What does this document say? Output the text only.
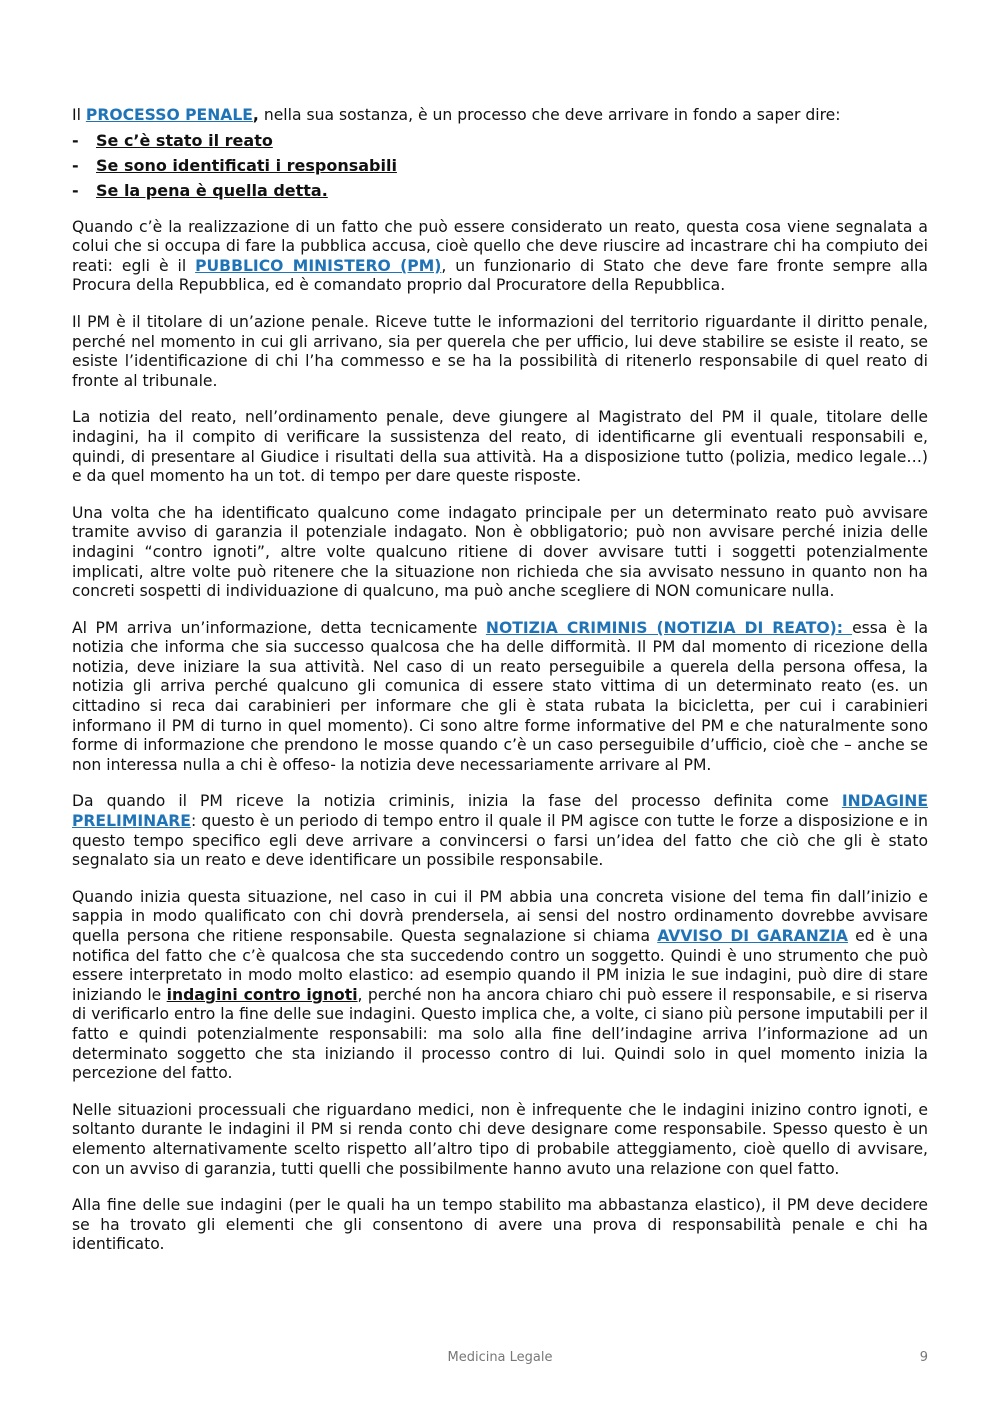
Il PROCESSO PENALE, nella sua sostanza, è un processo che deve arrivare in fondo a saper dire:

- Se c’è stato il reato
- Se sono identificati i responsabili
- Se la pena è quella detta.

Quando c’è la realizzazione di un fatto che può essere considerato un reato, questa cosa viene segnalata a colui che si occupa di fare la pubblica accusa, cioè quello che deve riuscire ad incastrare chi ha compiuto dei reati: egli è il PUBBLICO MINISTERO (PM), un funzionario di Stato che deve fare fronte sempre alla Procura della Repubblica, ed è comandato proprio dal Procuratore della Repubblica.

Il PM è il titolare di un’azione penale. Riceve tutte le informazioni del territorio riguardante il diritto penale, perché nel momento in cui gli arrivano, sia per querela che per ufficio, lui deve stabilire se esiste il reato, se esiste l’identificazione di chi l’ha commesso e se ha la possibilità di ritenerlo responsabile di quel reato di fronte al tribunale.

La notizia del reato, nell’ordinamento penale, deve giungere al Magistrato del PM il quale, titolare delle indagini, ha il compito di verificare la sussistenza del reato, di identificarne gli eventuali responsabili e, quindi, di presentare al Giudice i risultati della sua attività. Ha a disposizione tutto (polizia, medico legale…) e da quel momento ha un tot. di tempo per dare queste risposte.

Una volta che ha identificato qualcuno come indagato principale per un determinato reato può avvisare tramite avviso di garanzia il potenziale indagato. Non è obbligatorio; può non avvisare perché inizia delle indagini “contro ignoti”, altre volte qualcuno ritiene di dover avvisare tutti i soggetti potenzialmente implicati, altre volte può ritenere che la situazione non richieda che sia avvisato nessuno in quanto non ha concreti sospetti di individuazione di qualcuno, ma può anche scegliere di NON comunicare nulla.

Al PM arriva un’informazione, detta tecnicamente NOTIZIA CRIMINIS (NOTIZIA DI REATO): essa è la notizia che informa che sia successo qualcosa che ha delle difformità. Il PM dal momento di ricezione della notizia, deve iniziare la sua attività. Nel caso di un reato perseguibile a querela della persona offesa, la notizia gli arriva perché qualcuno gli comunica di essere stato vittima di un determinato reato (es. un cittadino si reca dai carabinieri per informare che gli è stata rubata la bicicletta, per cui i carabinieri informano il PM di turno in quel momento). Ci sono altre forme informative del PM e che naturalmente sono forme di informazione che prendono le mosse quando c’è un caso perseguibile d’ufficio, cioè che – anche se non interessa nulla a chi è offeso- la notizia deve necessariamente arrivare al PM.

Da quando il PM riceve la notizia criminis, inizia la fase del processo definita come INDAGINE PRELIMINARE: questo è un periodo di tempo entro il quale il PM agisce con tutte le forze a disposizione e in questo tempo specifico egli deve arrivare a convincersi o farsi un’idea del fatto che ciò che gli è stato segnalato sia un reato e deve identificare un possibile responsabile.

Quando inizia questa situazione, nel caso in cui il PM abbia una concreta visione del tema fin dall’inizio e sappia in modo qualificato con chi dovrà prendersela, ai sensi del nostro ordinamento dovrebbe avvisare quella persona che ritiene responsabile. Questa segnalazione si chiama AVVISO DI GARANZIA ed è una notifica del fatto che c’è qualcosa che sta succedendo contro un soggetto. Quindi è uno strumento che può essere interpretato in modo molto elastico: ad esempio quando il PM inizia le sue indagini, può dire di stare iniziando le indagini contro ignoti, perché non ha ancora chiaro chi può essere il responsabile, e si riserva di verificarlo entro la fine delle sue indagini. Questo implica che, a volte, ci siano più persone imputabili per il fatto e quindi potenzialmente responsabili: ma solo alla fine dell’indagine arriva l’informazione ad un determinato soggetto che sta iniziando il processo contro di lui. Quindi solo in quel momento inizia la percezione del fatto.

Nelle situazioni processuali che riguardano medici, non è infrequente che le indagini inizino contro ignoti, e soltanto durante le indagini il PM si renda conto chi deve designare come responsabile. Spesso questo è un elemento alternativamente scelto rispetto all’altro tipo di probabile atteggiamento, cioè quello di avvisare, con un avviso di garanzia, tutti quelli che possibilmente hanno avuto una relazione con quel fatto.

Alla fine delle sue indagini (per le quali ha un tempo stabilito ma abbastanza elastico), il PM deve decidere se ha trovato gli elementi che gli consentono di avere una prova di responsabilità penale e chi ha identificato.

Medicina Legale	9
